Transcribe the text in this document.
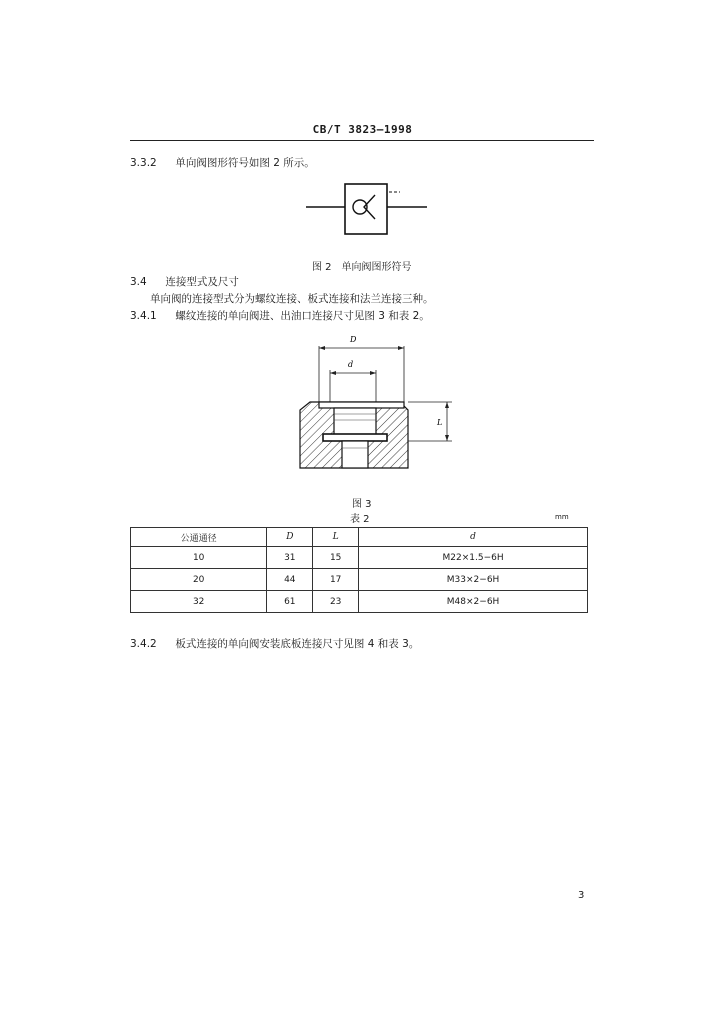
CB/T 3823—1998
3.3.2 单向阀图形符号如图 2 所示。
图 2　单向阀图形符号
3.4 连接型式及尺寸
单向阀的连接型式分为螺纹连接、板式连接和法兰连接三种。
3.4.1 螺纹连接的单向阀进、出油口连接尺寸见图 3 和表 2。
D
d
L
图 3
表 2	mm
公通通径	D	L	d
10	31	15	M22×1.5−6H
20	44	17	M33×2−6H
32	61	23	M48×2−6H
3.4.2 板式连接的单向阀安装底板连接尺寸见图 4 和表 3。
3
